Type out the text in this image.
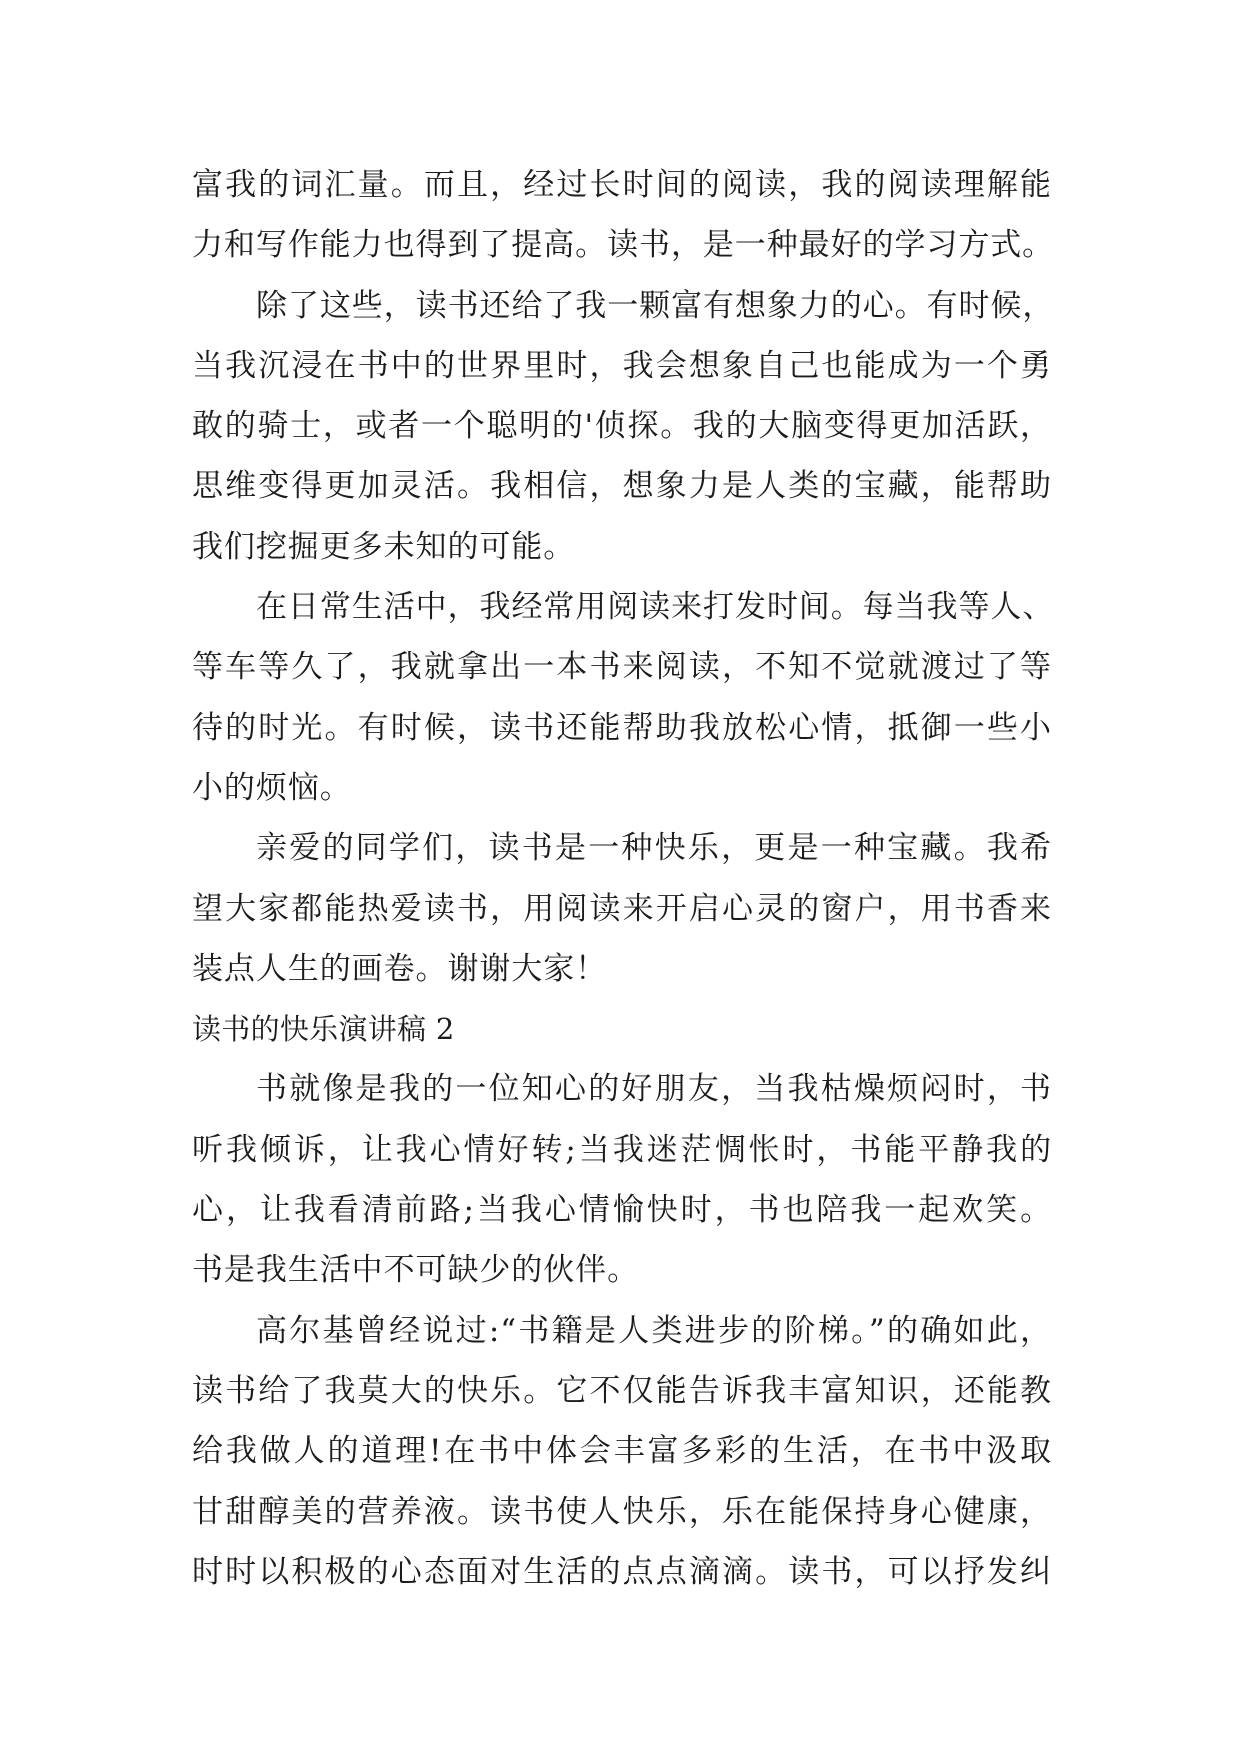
富我的词汇量。而且，经过长时间的阅读，我的阅读理解能
力和写作能力也得到了提高。读书，是一种最好的学习方式。
除了这些，读书还给了我一颗富有想象力的心。有时候，
当我沉浸在书中的世界里时，我会想象自己也能成为一个勇
敢的骑士，或者一个聪明的'侦探。我的大脑变得更加活跃，
思维变得更加灵活。我相信，想象力是人类的宝藏，能帮助
我们挖掘更多未知的可能。
在日常生活中，我经常用阅读来打发时间。每当我等人、
等车等久了，我就拿出一本书来阅读，不知不觉就渡过了等
待的时光。有时候，读书还能帮助我放松心情，抵御一些小
小的烦恼。
亲爱的同学们，读书是一种快乐，更是一种宝藏。我希
望大家都能热爱读书，用阅读来开启心灵的窗户，用书香来
装点人生的画卷。谢谢大家！
读书的快乐演讲稿 2
书就像是我的一位知心的好朋友，当我枯燥烦闷时，书
听我倾诉，让我心情好转;当我迷茫惆怅时，书能平静我的
心，让我看清前路;当我心情愉快时，书也陪我一起欢笑。
书是我生活中不可缺少的伙伴。
高尔基曾经说过:“书籍是人类进步的阶梯。”的确如此，
读书给了我莫大的快乐。它不仅能告诉我丰富知识，还能教
给我做人的道理!在书中体会丰富多彩的生活，在书中汲取
甘甜醇美的营养液。读书使人快乐，乐在能保持身心健康，
时时以积极的心态面对生活的点点滴滴。读书，可以抒发纠
